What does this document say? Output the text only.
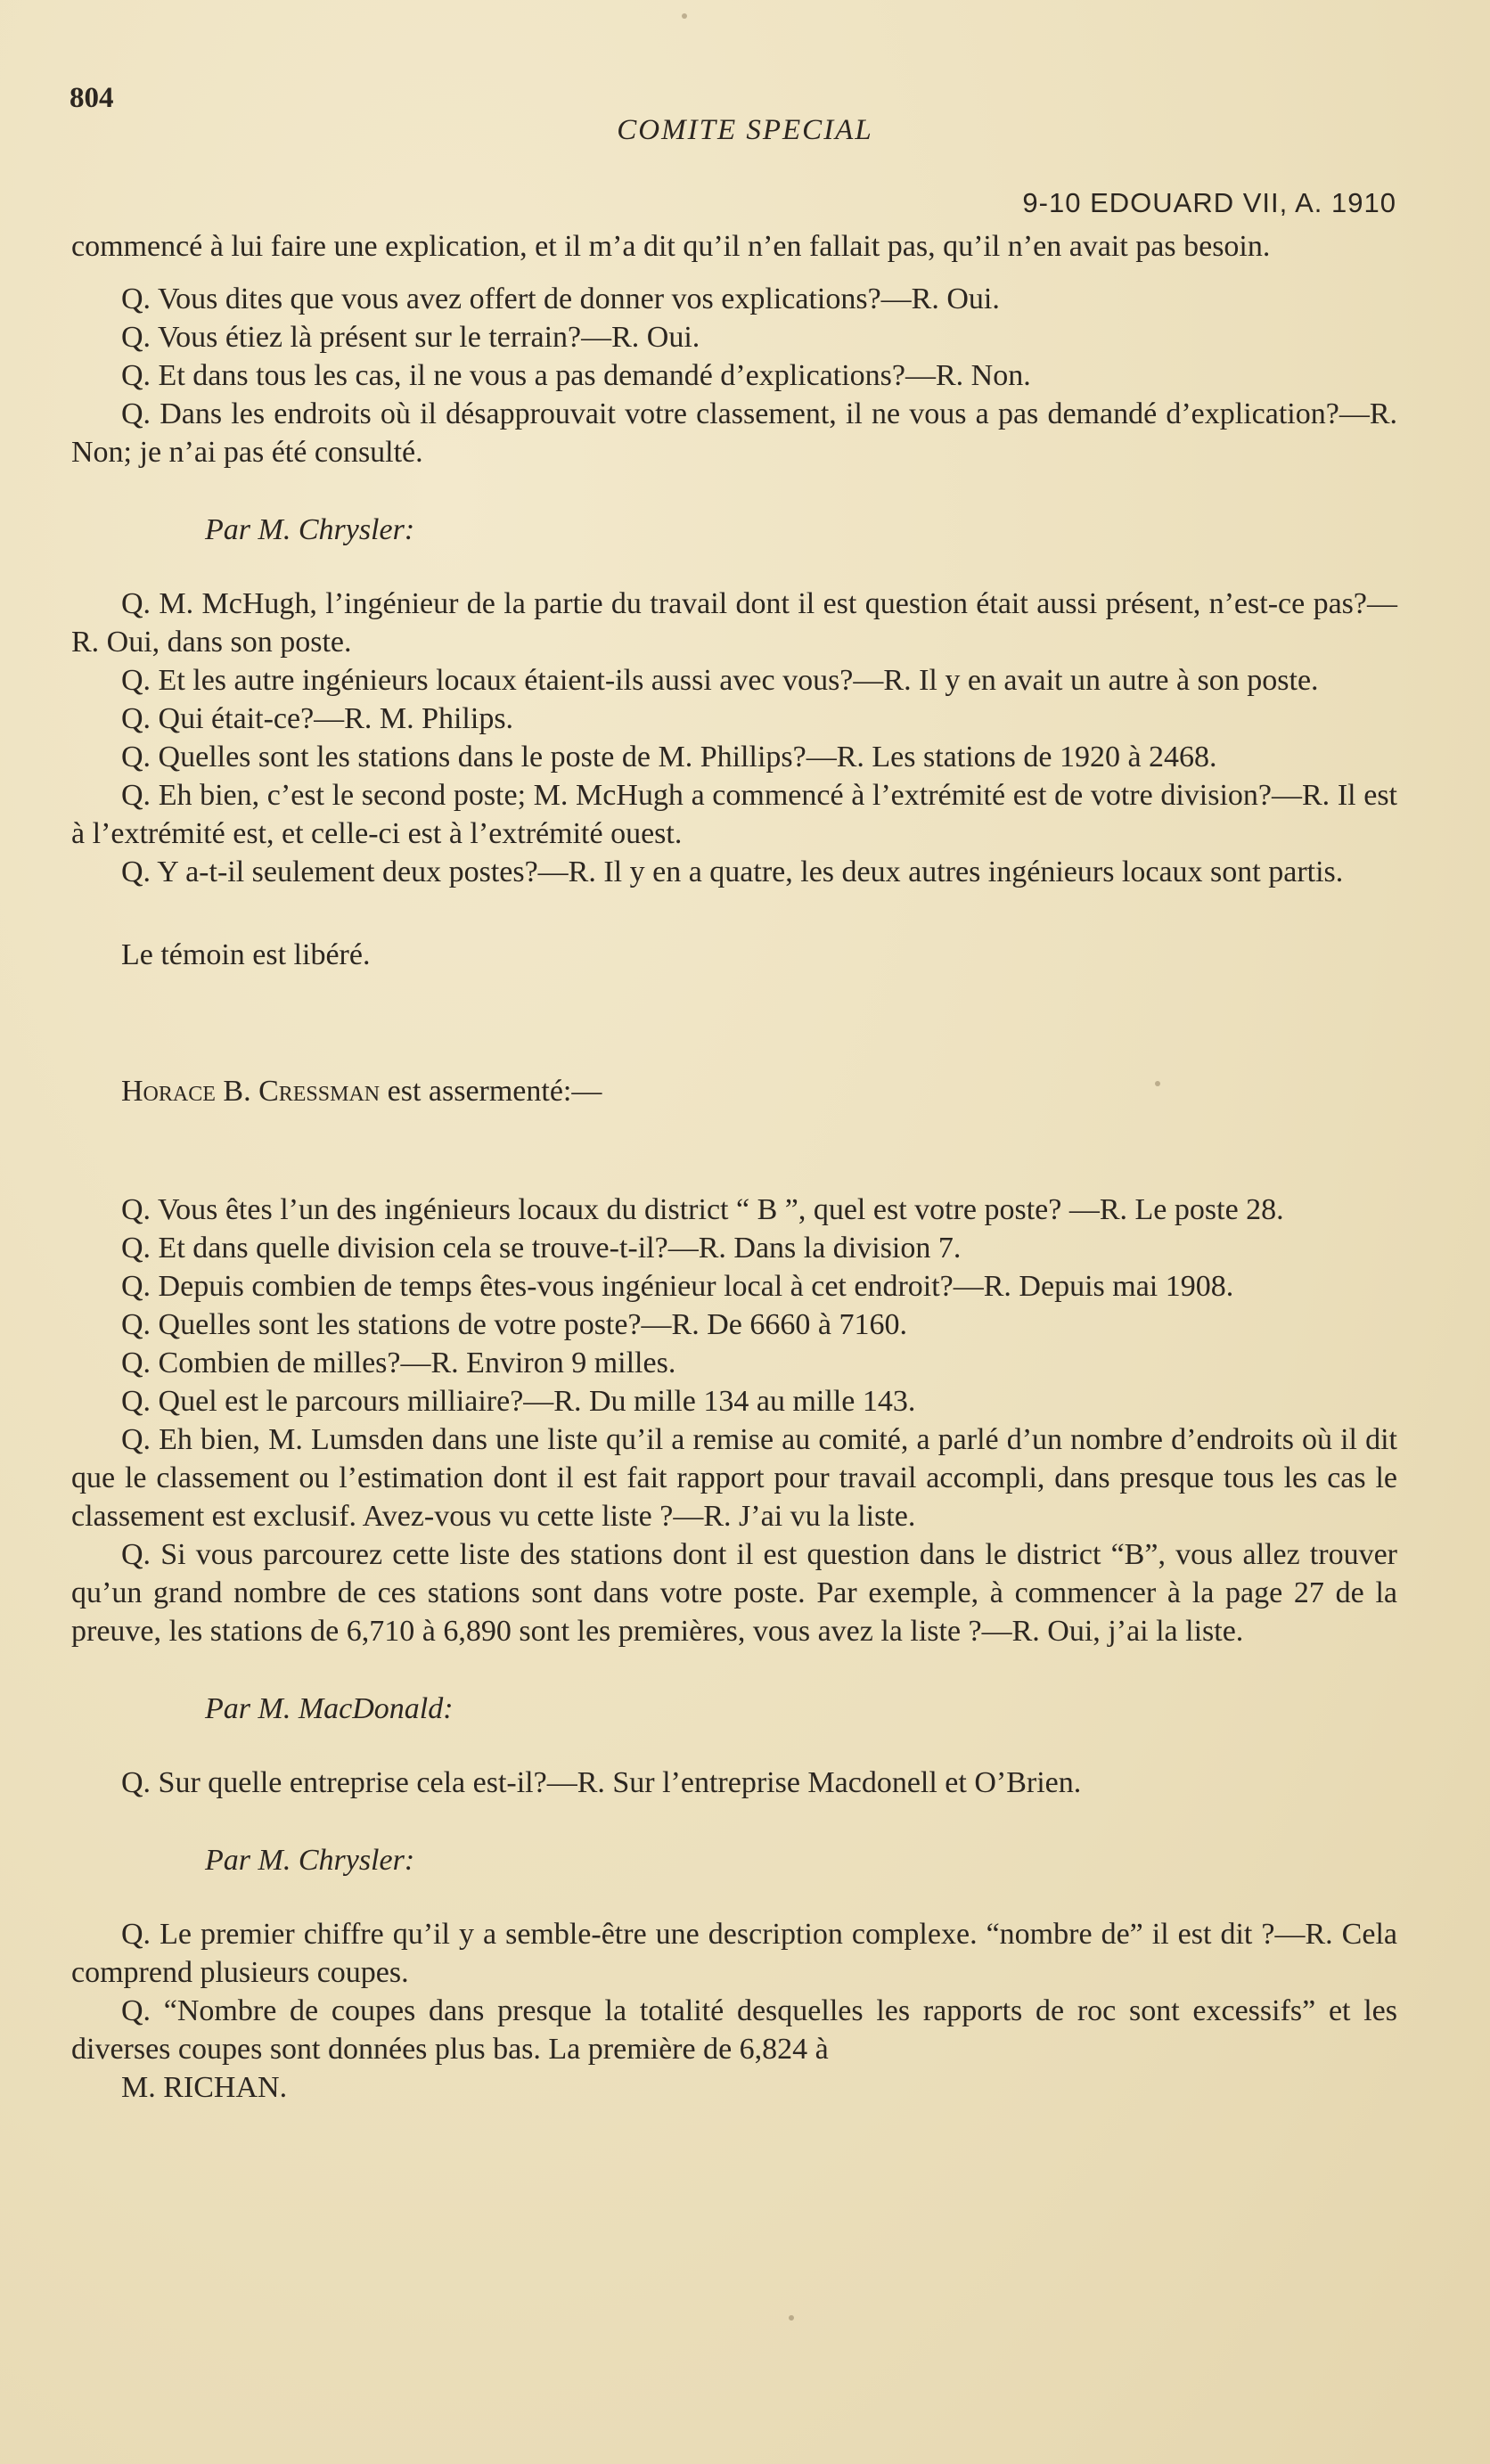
804
COMITE SPECIAL
9-10 EDOUARD VII, A. 1910

commencé à lui faire une explication, et il m’a dit qu’il n’en fallait pas, qu’il n’en avait pas besoin.

Q. Vous dites que vous avez offert de donner vos explications?—R. Oui.

Q. Vous étiez là présent sur le terrain?—R. Oui.

Q. Et dans tous les cas, il ne vous a pas demandé d’explications?—R. Non.

Q. Dans les endroits où il désapprouvait votre classement, il ne vous a pas demandé d’explication?—R. Non; je n’ai pas été consulté.

Par M. Chrysler:

Q. M. McHugh, l’ingénieur de la partie du travail dont il est question était aussi présent, n’est-ce pas?—R. Oui, dans son poste.

Q. Et les autre ingénieurs locaux étaient-ils aussi avec vous?—R. Il y en avait un autre à son poste.

Q. Qui était-ce?—R. M. Philips.

Q. Quelles sont les stations dans le poste de M. Phillips?—R. Les stations de 1920 à 2468.

Q. Eh bien, c’est le second poste; M. McHugh a commencé à l’extrémité est de votre division?—R. Il est à l’extrémité est, et celle-ci est à l’extrémité ouest.

Q. Y a-t-il seulement deux postes?—R. Il y en a quatre, les deux autres ingénieurs locaux sont partis.

Le témoin est libéré.
Horace B. Cressman est assermenté:—

Q. Vous êtes l’un des ingénieurs locaux du district “ B ”, quel est votre poste? —R. Le poste 28.

Q. Et dans quelle division cela se trouve-t-il?—R. Dans la division 7.

Q. Depuis combien de temps êtes-vous ingénieur local à cet endroit?—R. Depuis mai 1908.

Q. Quelles sont les stations de votre poste?—R. De 6660 à 7160.

Q. Combien de milles?—R. Environ 9 milles.

Q. Quel est le parcours milliaire?—R. Du mille 134 au mille 143.

Q. Eh bien, M. Lumsden dans une liste qu’il a remise au comité, a parlé d’un nombre d’endroits où il dit que le classement ou l’estimation dont il est fait rapport pour travail accompli, dans presque tous les cas le classement est exclusif. Avez-vous vu cette liste ?—R. J’ai vu la liste.

Q. Si vous parcourez cette liste des stations dont il est question dans le district “B”, vous allez trouver qu’un grand nombre de ces stations sont dans votre poste. Par exemple, à commencer à la page 27 de la preuve, les stations de 6,710 à 6,890 sont les premières, vous avez la liste ?—R. Oui, j’ai la liste.

Par M. MacDonald:

Q. Sur quelle entreprise cela est-il?—R. Sur l’entreprise Macdonell et O’Brien.

Par M. Chrysler:

Q. Le premier chiffre qu’il y a semble-être une description complexe. “nombre de” il est dit ?—R. Cela comprend plusieurs coupes.

Q. “Nombre de coupes dans presque la totalité desquelles les rapports de roc sont excessifs” et les diverses coupes sont données plus bas. La première de 6,824 à

M. RICHAN.
